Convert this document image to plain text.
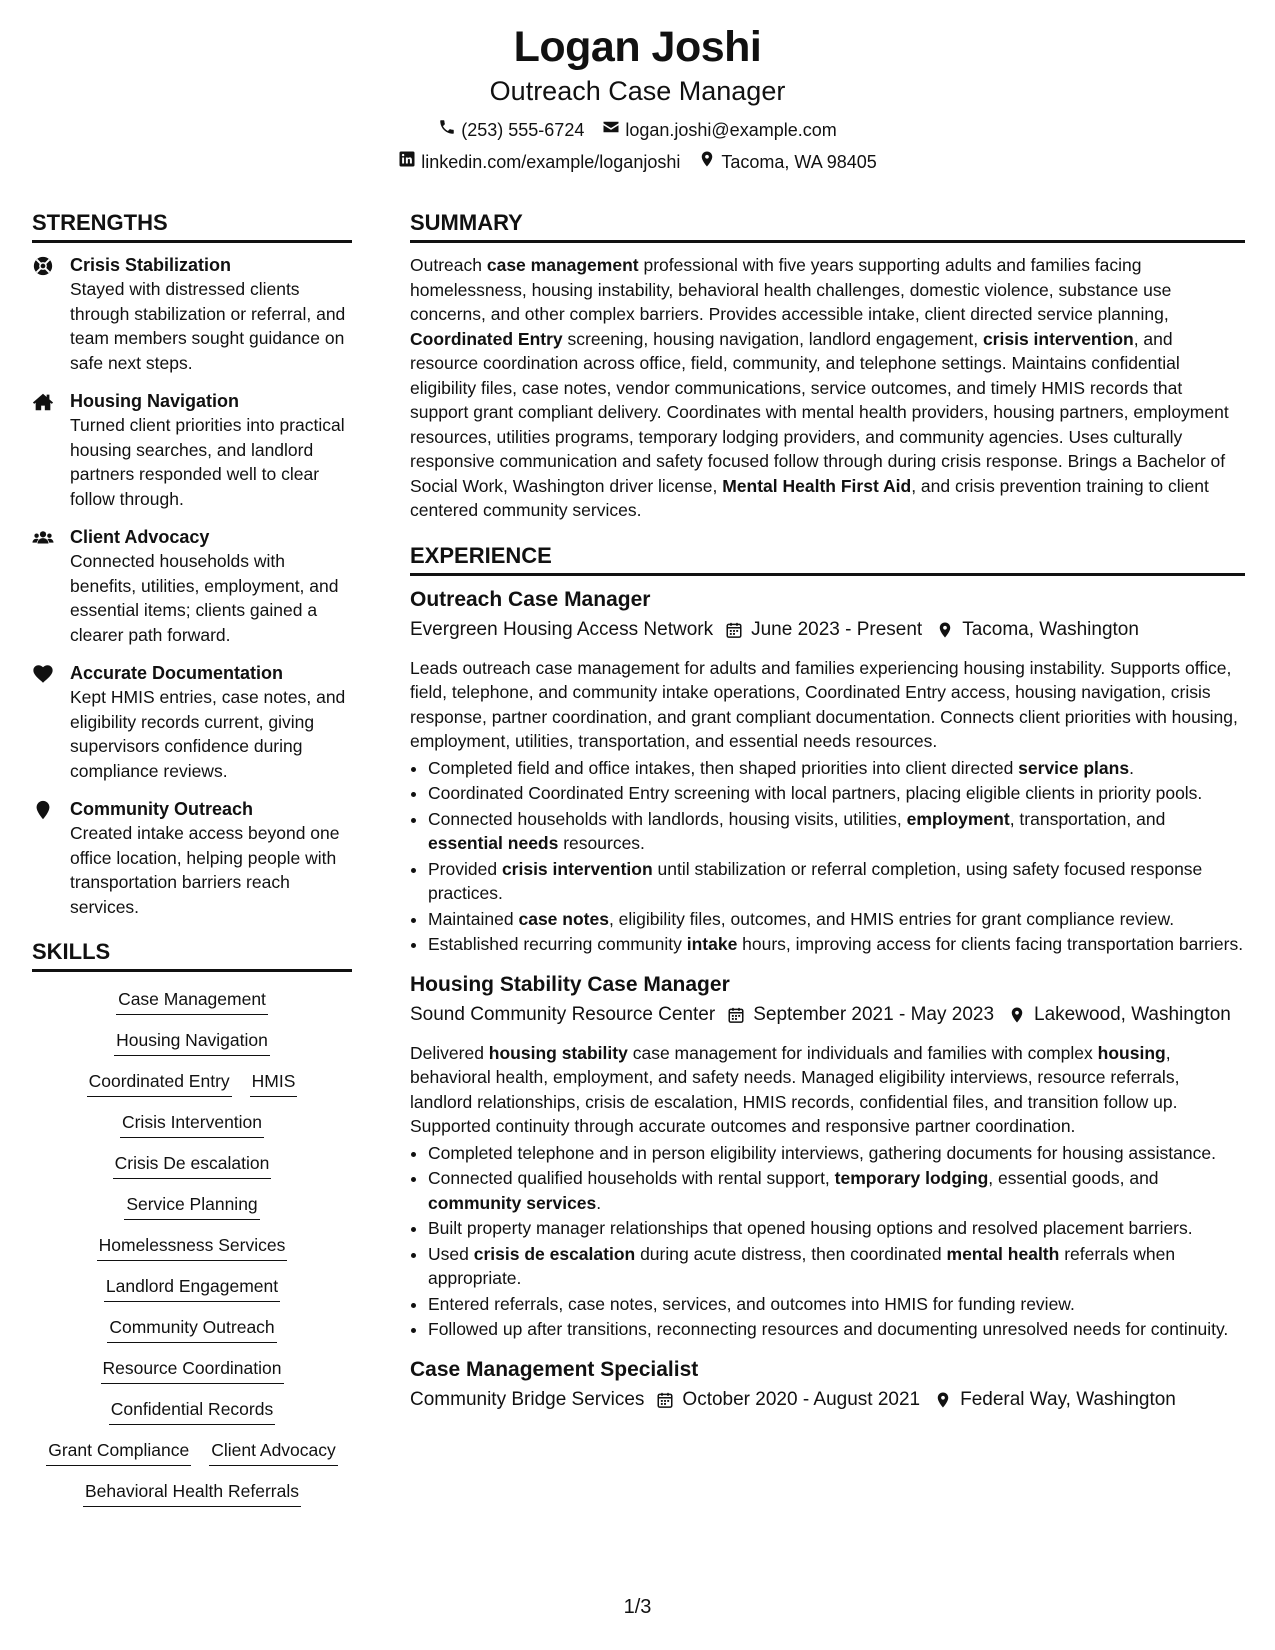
Logan Joshi
Outreach Case Manager
(253) 555-6724 logan.joshi@example.com
linkedin.com/example/loganjoshi Tacoma, WA 98405
STRENGTHS
Crisis Stabilization
Stayed with distressed clients through stabilization or referral, and team members sought guidance on safe next steps.
Housing Navigation
Turned client priorities into practical housing searches, and landlord partners responded well to clear follow through.
Client Advocacy
Connected households with benefits, utilities, employment, and essential items; clients gained a clearer path forward.
Accurate Documentation
Kept HMIS entries, case notes, and eligibility records current, giving supervisors confidence during compliance reviews.
Community Outreach
Created intake access beyond one office location, helping people with transportation barriers reach services.
SKILLS
Case Management
Housing Navigation
Coordinated Entry HMIS
Crisis Intervention
Crisis De escalation
Service Planning
Homelessness Services
Landlord Engagement
Community Outreach
Resource Coordination
Confidential Records
Grant Compliance Client Advocacy
Behavioral Health Referrals
SUMMARY
Outreach case management professional with five years supporting adults and families facing homelessness, housing instability, behavioral health challenges, domestic violence, substance use concerns, and other complex barriers. Provides accessible intake, client directed service planning, Coordinated Entry screening, housing navigation, landlord engagement, crisis intervention, and resource coordination across office, field, community, and telephone settings. Maintains confidential eligibility files, case notes, vendor communications, service outcomes, and timely HMIS records that support grant compliant delivery. Coordinates with mental health providers, housing partners, employment resources, utilities programs, temporary lodging providers, and community agencies. Uses culturally responsive communication and safety focused follow through during crisis response. Brings a Bachelor of Social Work, Washington driver license, Mental Health First Aid, and crisis prevention training to client centered community services.
EXPERIENCE
Outreach Case Manager
Evergreen Housing Access Network June 2023 - Present Tacoma, Washington
Leads outreach case management for adults and families experiencing housing instability. Supports office, field, telephone, and community intake operations, Coordinated Entry access, housing navigation, crisis response, partner coordination, and grant compliant documentation. Connects client priorities with housing, employment, utilities, transportation, and essential needs resources.
• Completed field and office intakes, then shaped priorities into client directed service plans.
• Coordinated Coordinated Entry screening with local partners, placing eligible clients in priority pools.
• Connected households with landlords, housing visits, utilities, employment, transportation, and essential needs resources.
• Provided crisis intervention until stabilization or referral completion, using safety focused response practices.
• Maintained case notes, eligibility files, outcomes, and HMIS entries for grant compliance review.
• Established recurring community intake hours, improving access for clients facing transportation barriers.
Housing Stability Case Manager
Sound Community Resource Center September 2021 - May 2023 Lakewood, Washington
Delivered housing stability case management for individuals and families with complex housing, behavioral health, employment, and safety needs. Managed eligibility interviews, resource referrals, landlord relationships, crisis de escalation, HMIS records, confidential files, and transition follow up. Supported continuity through accurate outcomes and responsive partner coordination.
• Completed telephone and in person eligibility interviews, gathering documents for housing assistance.
• Connected qualified households with rental support, temporary lodging, essential goods, and community services.
• Built property manager relationships that opened housing options and resolved placement barriers.
• Used crisis de escalation during acute distress, then coordinated mental health referrals when appropriate.
• Entered referrals, case notes, services, and outcomes into HMIS for funding review.
• Followed up after transitions, reconnecting resources and documenting unresolved needs for continuity.
Case Management Specialist
Community Bridge Services October 2020 - August 2021 Federal Way, Washington
1/3
